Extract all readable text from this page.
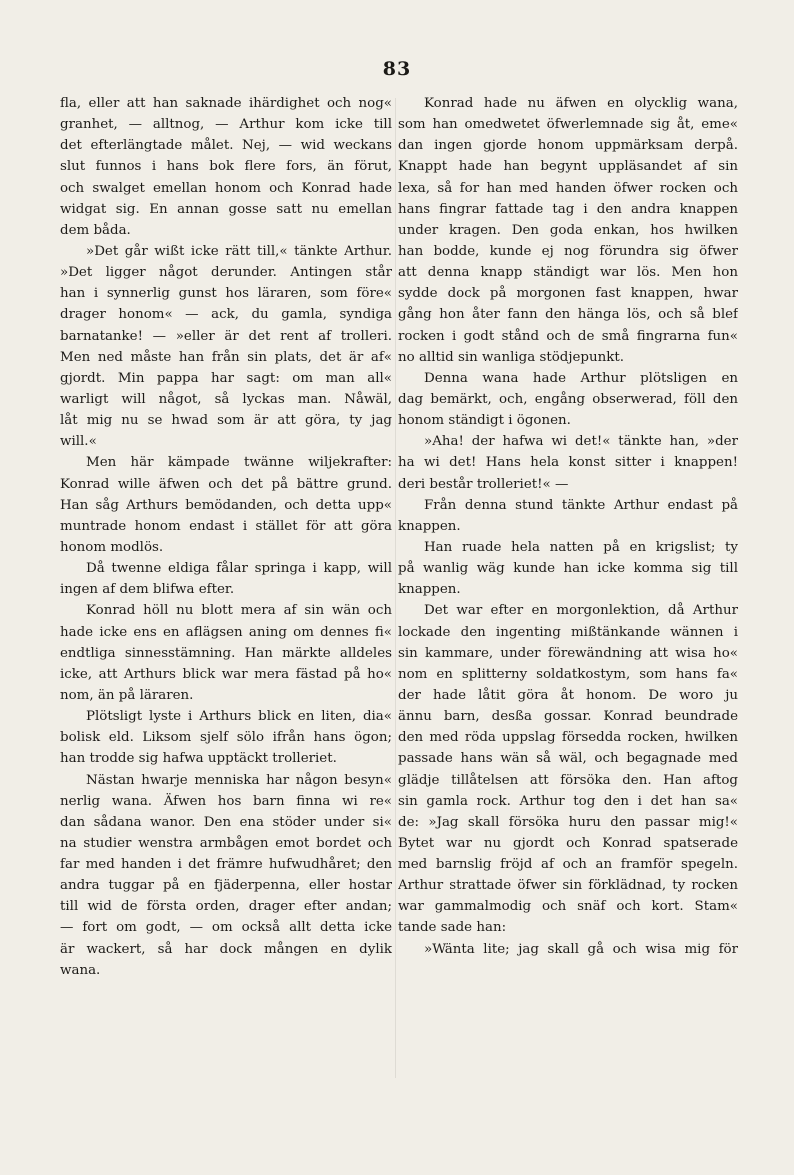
83
fla, eller att han saknade ihärdighet och nog«
granhet, — alltnog, — Arthur kom icke till
det efterlängtade målet. Nej, — wid weckans
slut funnos i hans bok flere fors, än förut,
och swalget emellan honom och Konrad hade
widgat sig. En annan gosse satt nu emellan
dem båda.
»Det går wißt icke rätt till,« tänkte Arthur.
»Det ligger något derunder. Antingen står
han i synnerlig gunst hos läraren, som före«
drager honom« — ack, du gamla, syndiga
barnatanke! — »eller är det rent af trolleri.
Men ned måste han från sin plats, det är af«
gjordt. Min pappa har sagt: om man all«
warligt will något, så lyckas man. Nåwäl,
låt mig nu se hwad som är att göra, ty jag
will.«
Men här kämpade twänne wiljekrafter:
Konrad wille äfwen och det på bättre grund.
Han såg Arthurs bemödanden, och detta upp«
muntrade honom endast i stället för att göra
honom modlös.
Då twenne eldiga fålar springa i kapp, will
ingen af dem blifwa efter.
Konrad höll nu blott mera af sin wän och
hade icke ens en aflägsen aning om dennes fi«
endtliga sinnesstämning. Han märkte alldeles
icke, att Arthurs blick war mera fästad på ho«
nom, än på läraren.
Plötsligt lyste i Arthurs blick en liten, dia«
bolisk eld. Liksom sjelf sölo ifrån hans ögon;
han trodde sig hafwa upptäckt trolleriet.
Nästan hwarje menniska har någon besyn«
nerlig wana. Äfwen hos barn finna wi re«
dan sådana wanor. Den ena stöder under si«
na studier wenstra armbågen emot bordet och
far med handen i det främre hufwudhåret; den
andra tuggar på en fjäderpenna, eller hostar
till wid de första orden, drager efter andan;
— fort om godt, — om också allt detta icke
är wackert, så har dock mången en dylik
wana.
Konrad hade nu äfwen en olycklig wana,
som han omedwetet öfwerlemnade sig åt, eme«
dan ingen gjorde honom uppmärksam derpå.
Knappt hade han begynt uppläsandet af sin
lexa, så for han med handen öfwer rocken och
hans fingrar fattade tag i den andra knappen
under kragen. Den goda enkan, hos hwilken
han bodde, kunde ej nog förundra sig öfwer
att denna knapp ständigt war lös. Men hon
sydde dock på morgonen fast knappen, hwar
gång hon åter fann den hänga lös, och så blef
rocken i godt stånd och de små fingrarna fun«
no alltid sin wanliga stödjepunkt.
Denna wana hade Arthur plötsligen en
dag bemärkt, och, engång obserwerad, föll den
honom ständigt i ögonen.
»Aha! der hafwa wi det!« tänkte han, »der
ha wi det! Hans hela konst sitter i knappen!
deri består trolleriet!« —
Från denna stund tänkte Arthur endast på
knappen.
Han ruade hela natten på en krigslist; ty
på wanlig wäg kunde han icke komma sig till
knappen.
Det war efter en morgonlektion, då Arthur
lockade den ingenting mißtänkande wännen i
sin kammare, under förewändning att wisa ho«
nom en splitterny soldatkostym, som hans fa«
der hade låtit göra åt honom. De woro ju
ännu barn, desßa gossar. Konrad beundrade
den med röda uppslag försedda rocken, hwilken
passade hans wän så wäl, och begagnade med
glädje tillåtelsen att försöka den. Han aftog
sin gamla rock. Arthur tog den i det han sa«
de: »Jag skall försöka huru den passar mig!«
Bytet war nu gjordt och Konrad spatserade
med barnslig fröjd af och an framför spegeln.
Arthur strattade öfwer sin förklädnad, ty rocken
war gammalmodig och snäf och kort. Stam«
tande sade han:
»Wänta lite; jag skall gå och wisa mig för
